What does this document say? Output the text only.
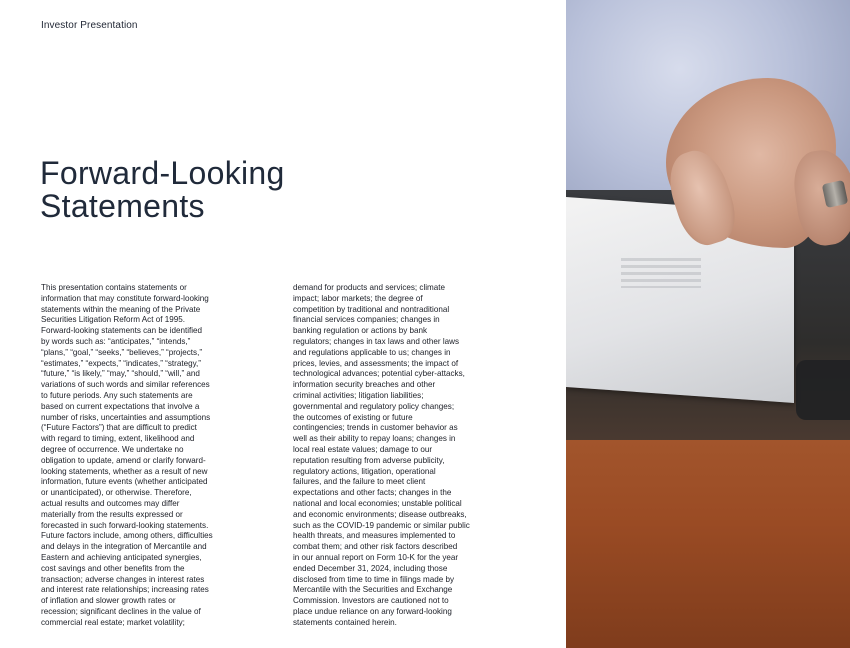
Investor Presentation
Forward-Looking
Statements
This presentation contains statements or
information that may constitute forward-looking
statements within the meaning of the Private
Securities Litigation Reform Act of 1995.
Forward-looking statements can be identified
by words such as: “anticipates,” “intends,”
“plans,” “goal,” “seeks,” “believes,” “projects,”
“estimates,” “expects,” “indicates,” “strategy,”
“future,” “is likely,” “may,” “should,” “will,” and
variations of such words and similar references
to future periods. Any such statements are
based on current expectations that involve a
number of risks, uncertainties and assumptions
(“Future Factors”) that are difficult to predict
with regard to timing, extent, likelihood and
degree of occurrence. We undertake no
obligation to update, amend or clarify forward-
looking statements, whether as a result of new
information, future events (whether anticipated
or unanticipated), or otherwise. Therefore,
actual results and outcomes may differ
materially from the results expressed or
forecasted in such forward-looking statements.
Future factors include, among others, difficulties
and delays in the integration of Mercantile and
Eastern and achieving anticipated synergies,
cost savings and other benefits from the
transaction; adverse changes in interest rates
and interest rate relationships; increasing rates
of inflation and slower growth rates or
recession; significant declines in the value of
commercial real estate; market volatility;
demand for products and services; climate
impact; labor markets; the degree of
competition by traditional and nontraditional
financial services companies; changes in
banking regulation or actions by bank
regulators; changes in tax laws and other laws
and regulations applicable to us; changes in
prices, levies, and assessments; the impact of
technological advances; potential cyber-attacks,
information security breaches and other
criminal activities; litigation liabilities;
governmental and regulatory policy changes;
the outcomes of existing or future
contingencies; trends in customer behavior as
well as their ability to repay loans; changes in
local real estate values; damage to our
reputation resulting from adverse publicity,
regulatory actions, litigation, operational
failures, and the failure to meet client
expectations and other facts; changes in the
national and local economies; unstable political
and economic environments; disease outbreaks,
such as the COVID-19 pandemic or similar public
health threats, and measures implemented to
combat them; and other risk factors described
in our annual report on Form 10-K for the year
ended December 31, 2024, including those
disclosed from time to time in filings made by
Mercantile with the Securities and Exchange
Commission. Investors are cautioned not to
place undue reliance on any forward-looking
statements contained herein.
